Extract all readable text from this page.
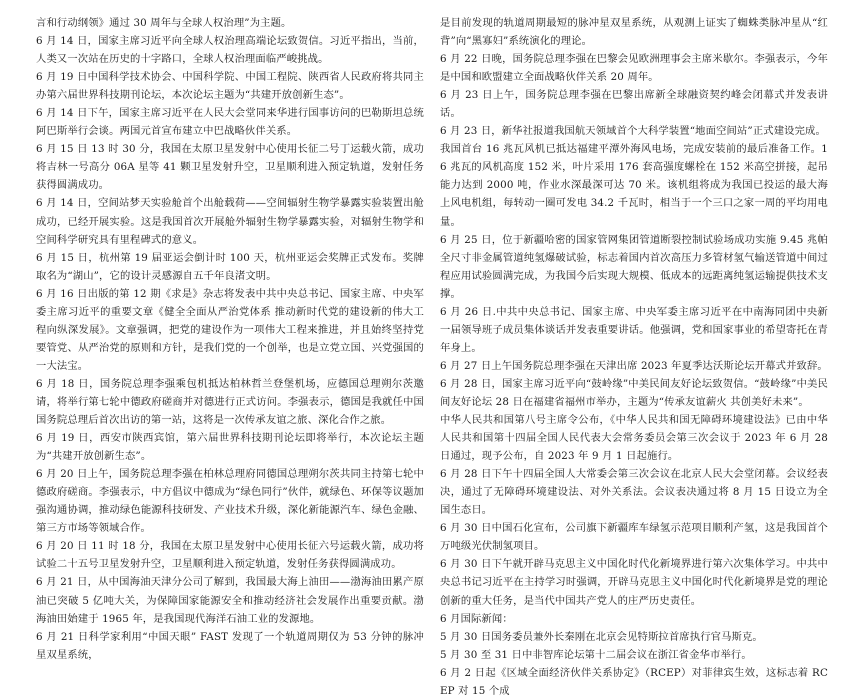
言和行动纲领》通过 30 周年与全球人权治理”为主题。

6 月 14 日，国家主席习近平向全球人权治理高端论坛致贺信。习近平指出，当前，人类又一次站在历史的十字路口，全球人权治理面临严峻挑战。

6 月 19 日中国科学技术协会、中国科学院、中国工程院、陕西省人民政府将共同主办第六届世界科技期刊论坛，本次论坛主题为“共建开放创新生态”。

6 月 14 日下午，国家主席习近平在人民大会堂同来华进行国事访问的巴勒斯坦总统阿巴斯举行会谈。两国元首宣布建立中巴战略伙伴关系。

6 月 15 日 13 时 30 分，我国在太原卫星发射中心使用长征二号丁运载火箭，成功将吉林一号高分 06A 星等 41 颗卫星发射升空，卫星顺利进入预定轨道，发射任务获得圆满成功。

6 月 14 日，空间站梦天实验舱首个出舱载荷——空间辐射生物学暴露实验装置出舱成功，已经开展实验。这是我国首次开展舱外辐射生物学暴露实验，对辐射生物学和空间科学研究具有里程碑式的意义。

6 月 15 日，杭州第 19 届亚运会倒计时 100 天，杭州亚运会奖牌正式发布。奖牌取名为“湖山”，它的设计灵感源自五千年良渚文明。

6 月 16 日出版的第 12 期《求是》杂志将发表中共中央总书记、国家主席、中央军委主席习近平的重要文章《健全全面从严治党体系 推动新时代党的建设新的伟大工程向纵深发展》。文章强调，把党的建设作为一项伟大工程来推进，并且始终坚持党要管党、从严治党的原则和方针，是我们党的一个创举，也是立党立国、兴党强国的一大法宝。

6 月 18 日，国务院总理李强乘包机抵达柏林哲兰登堡机场，应德国总理朔尔茨邀请，将举行第七轮中德政府磋商并对德进行正式访问。李强表示，德国是我就任中国国务院总理后首次出访的第一站，这将是一次传承友谊之旅、深化合作之旅。

6 月 19 日，西安市陕西宾馆，第六届世界科技期刊论坛即将举行，本次论坛主题为“共建开放创新生态”。

6 月 20 日上午，国务院总理李强在柏林总理府同德国总理朔尔茨共同主持第七轮中德政府磋商。李强表示，中方倡议中德成为“绿色同行”伙伴，就绿色、环保等议题加强沟通协调，推动绿色能源科技研发、产业技术升级，深化新能源汽车、绿色金融、第三方市场等领域合作。

6 月 20 日 11 时 18 分，我国在太原卫星发射中心使用长征六号运载火箭，成功将试验二十五号卫星发射升空，卫星顺利进入预定轨道，发射任务获得圆满成功。

6 月 21 日，从中国海油天津分公司了解到，我国最大海上油田——渤海油田累产原油已突破 5 亿吨大关，为保障国家能源安全和推动经济社会发展作出重要贡献。渤海油田始建于 1965 年，是我国现代海洋石油工业的发源地。

6 月 21 日科学家利用“中国天眼” FAST 发现了一个轨道周期仅为 53 分钟的脉冲星双星系统，

是目前发现的轨道周期最短的脉冲星双星系统，从观测上证实了蜘蛛类脉冲星从“红背”向“黑寡妇”系统演化的理论。

6 月 22 日晚，国务院总理李强在巴黎会见欧洲理事会主席米歇尔。李强表示，今年是中国和欧盟建立全面战略伙伴关系 20 周年。

6 月 23 日上午，国务院总理李强在巴黎出席新全球融资契约峰会闭幕式并发表讲话。

6 月 23 日，新华社报道我国航天领域首个大科学装置“地面空间站”正式建设完成。

我国首台 16 兆瓦风机已抵达福建平潭外海风电场，完成安装前的最后准备工作。16 兆瓦的风机高度 152 米，叶片采用 176 套高强度螺栓在 152 米高空拼接，起吊能力达到 2000 吨，作业水深最深可达 70 米。该机组将成为我国已投运的最大海上风电机组，每转动一圈可发电 34.2 千瓦时，相当于一个三口之家一周的平均用电量。

6 月 25 日，位于新疆哈密的国家管网集团管道断裂控制试验场成功实施 9.45 兆帕全尺寸非金属管道纯氢爆破试验，标志着国内首次高压力多管材氢气输送管道中间过程应用试验圆满完成，为我国今后实现大规模、低成本的远距离纯氢运输提供技术支撑。

6 月 26 日.中共中央总书记、国家主席、中央军委主席习近平在中南海同团中央新一届领导班子成员集体谈话并发表重要讲话。他强调，党和国家事业的希望寄托在青年身上。

6 月 27 日上午国务院总理李强在天津出席 2023 年夏季达沃斯论坛开幕式并致辞。

6 月 28 日，国家主席习近平向“鼓岭缘”中美民间友好论坛致贺信。“鼓岭缘”中美民间友好论坛 28 日在福建省福州市举办，主题为“传承友谊薪火 共创美好未来”。

中华人民共和国第八号主席令公布，《中华人民共和国无障碍环境建设法》已由中华人民共和国第十四届全国人民代表大会常务委员会第三次会议于 2023 年 6 月 28 日通过，现予公布，自 2023 年 9 月 1 日起施行。

6 月 28 日下午十四届全国人大常委会第三次会议在北京人民大会堂闭幕。会议经表决，通过了无障碍环境建设法、对外关系法。会议表决通过将 8 月 15 日设立为全国生态日。

6 月 30 日中国石化宣布，公司旗下新疆库车绿氢示范项目顺利产氢，这是我国首个万吨级光伏制氢项目。

6 月 30 日下午就开辟马克思主义中国化时代化新境界进行第六次集体学习。中共中央总书记习近平在主持学习时强调，开辟马克思主义中国化时代化新境界是党的理论创新的重大任务，是当代中国共产党人的庄严历史责任。

6 月国际新闻：

5 月 30 日国务委员兼外长秦刚在北京会见特斯拉首席执行官马斯克。

5 月 30 至 31 日中非智库论坛第十二届会议在浙江省金华市举行。

6 月 2 日起《区域全面经济伙伴关系协定》（RCEP）对菲律宾生效，这标志着 RCEP 对 15 个成
